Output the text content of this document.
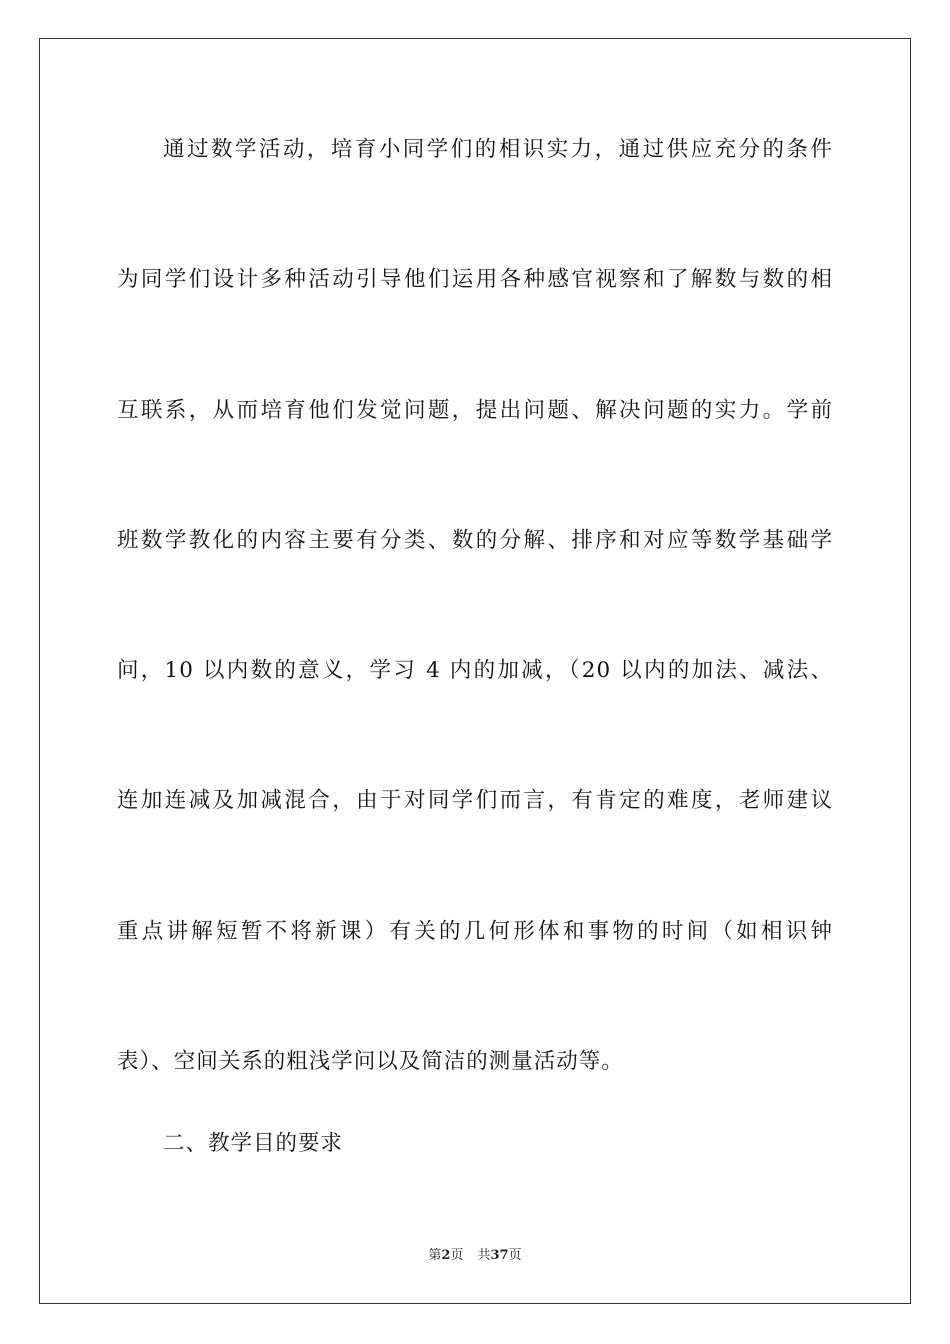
通过数学活动，培育小同学们的相识实力，通过供应充分的条件
为同学们设计多种活动引导他们运用各种感官视察和了解数与数的相
互联系，从而培育他们发觉问题，提出问题、解决问题的实力。学前
班数学教化的内容主要有分类、数的分解、排序和对应等数学基础学
问，10 以内数的意义，学习 4 内的加减，（20 以内的加法、减法、
连加连减及加减混合，由于对同学们而言，有肯定的难度，老师建议
重点讲解短暂不将新课）有关的几何形体和事物的时间（如相识钟
表）、空间关系的粗浅学问以及简洁的测量活动等。
二、教学目的要求
第2页 共37页
